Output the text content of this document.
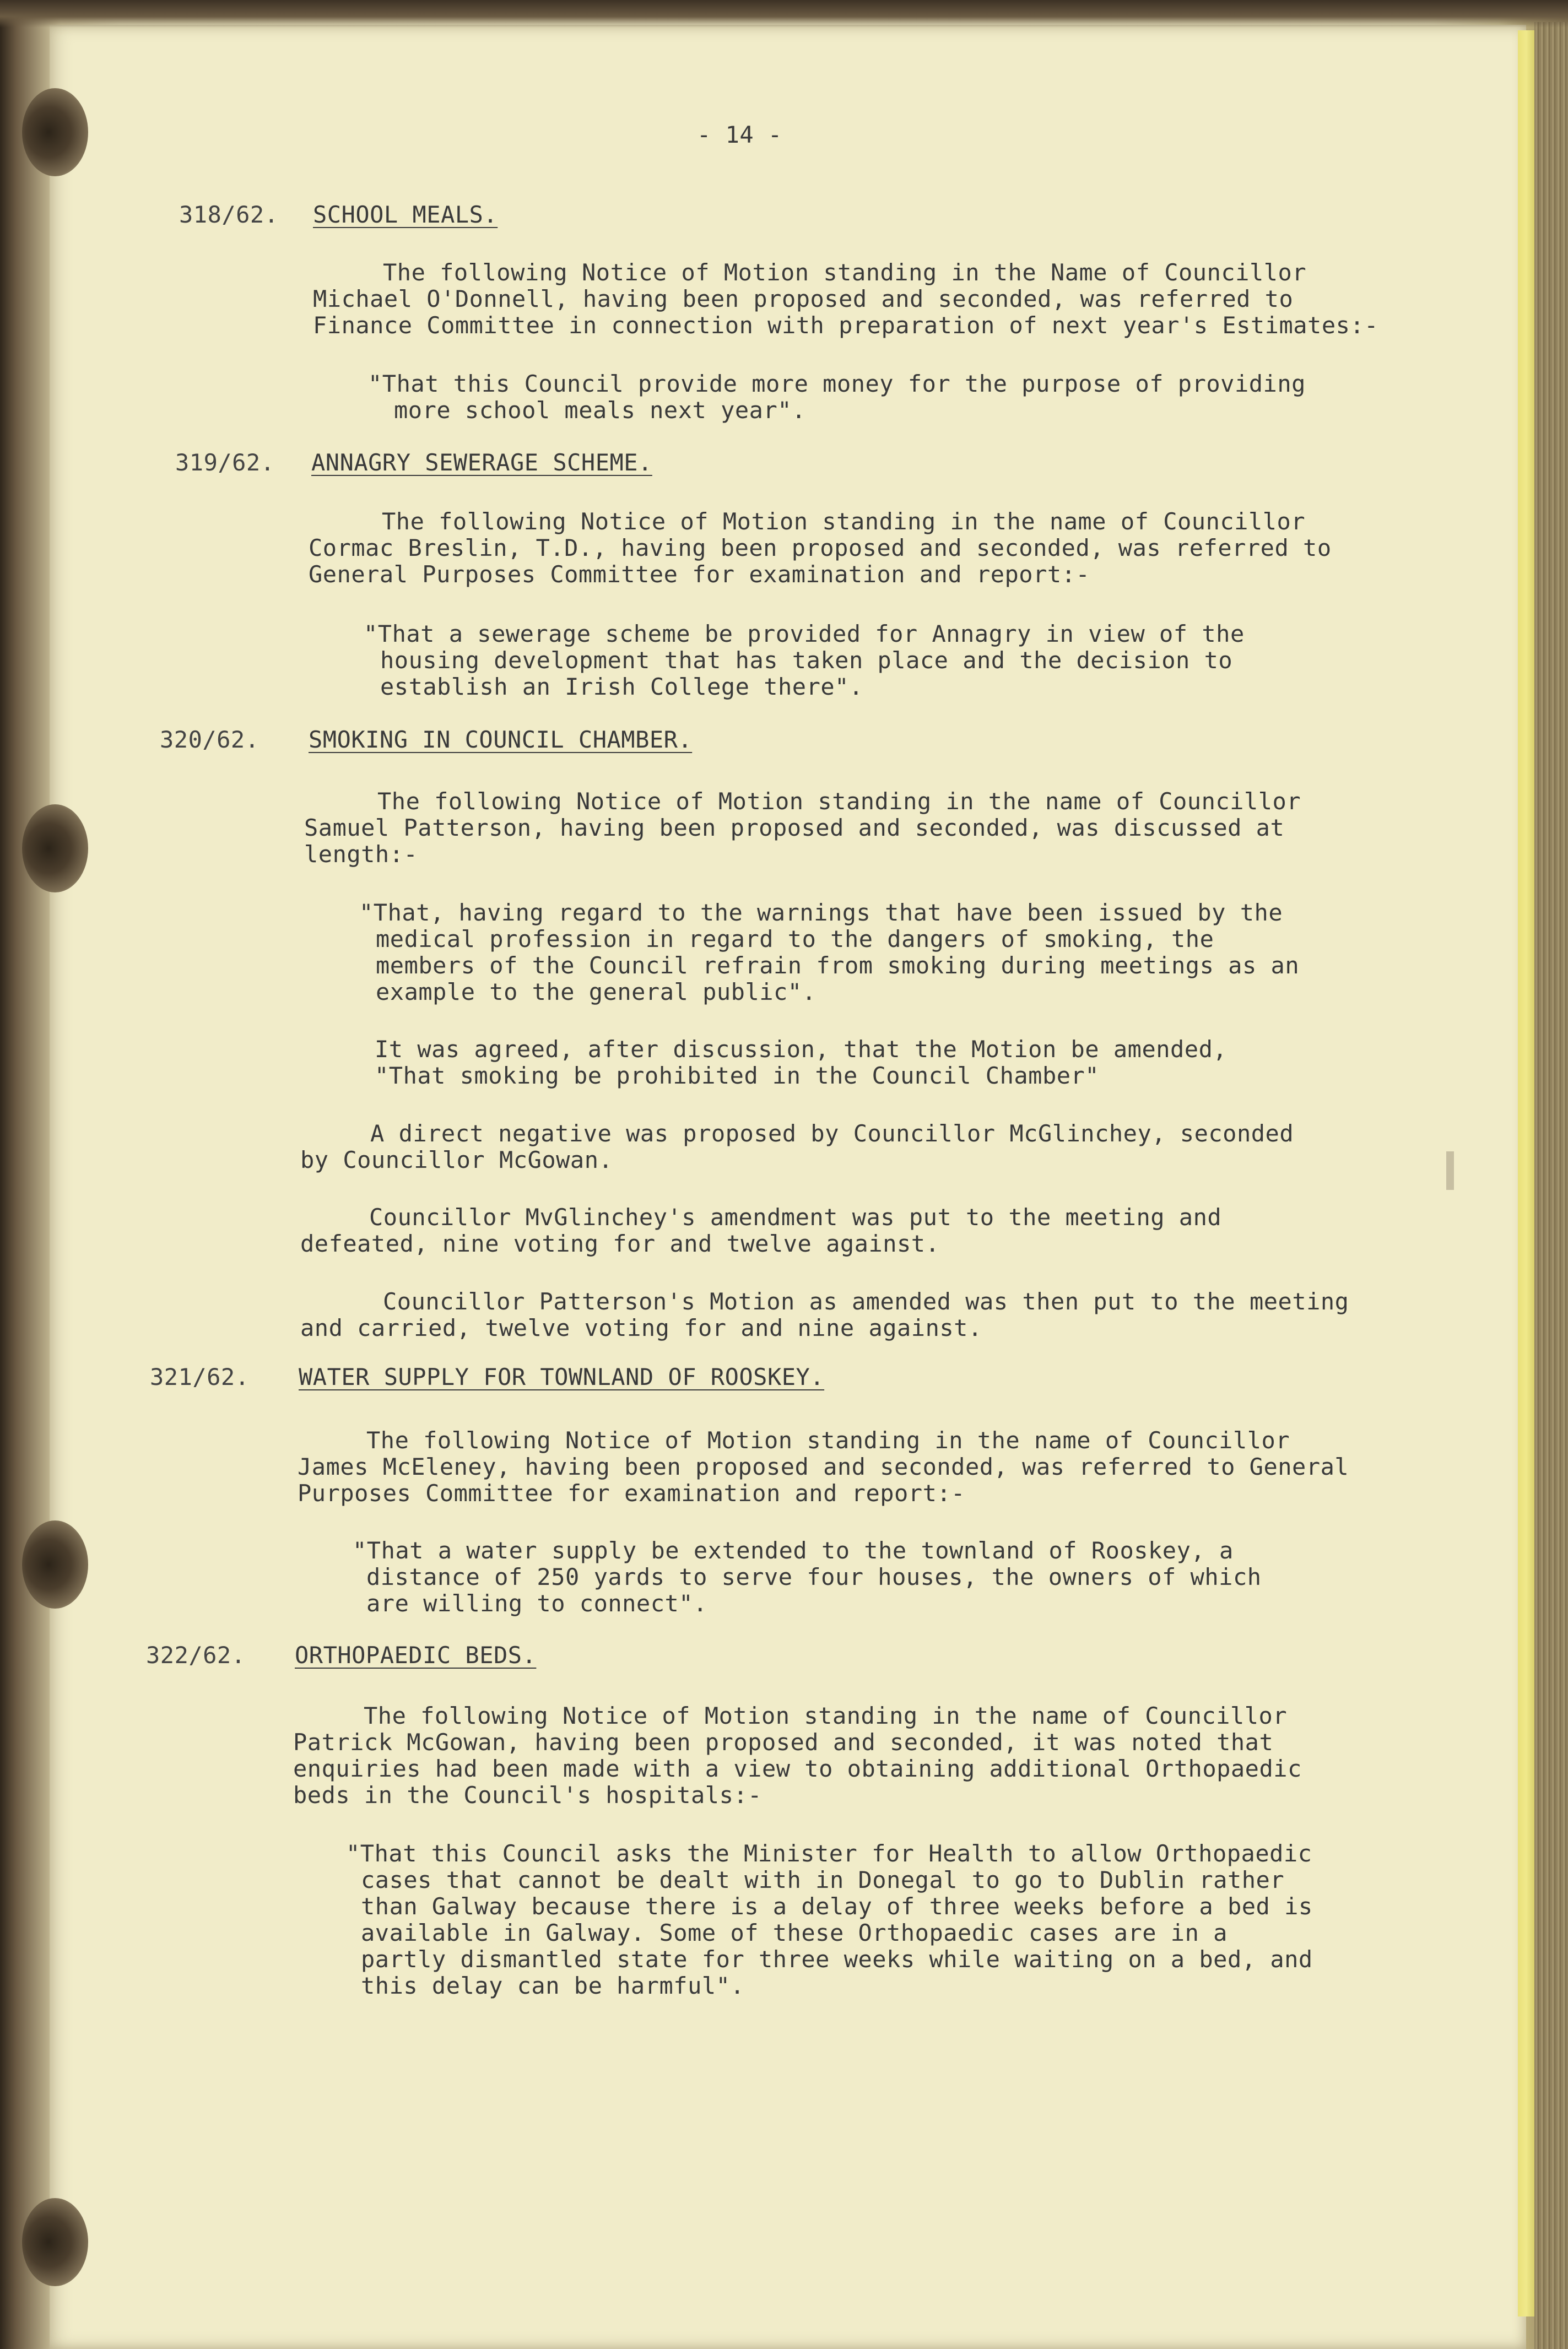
- 14 -

318/62. SCHOOL MEALS.

The following Notice of Motion standing in the Name of Councillor

Michael O'Donnell, having been proposed and seconded, was referred to

Finance Committee in connection with preparation of next year's Estimates:-

"That this Council provide more money for the purpose of providing

more school meals next year".

319/62. ANNAGRY SEWERAGE SCHEME.

The following Notice of Motion standing in the name of Councillor

Cormac Breslin, T.D., having been proposed and seconded, was referred to

General Purposes Committee for examination and report:-

"That a sewerage scheme be provided for Annagry in view of the

housing development that has taken place and the decision to

establish an Irish College there".

320/62. SMOKING IN COUNCIL CHAMBER.

The following Notice of Motion standing in the name of Councillor

Samuel Patterson, having been proposed and seconded, was discussed at

length:-

"That, having regard to the warnings that have been issued by the

medical profession in regard to the dangers of smoking, the

members of the Council refrain from smoking during meetings as an

example to the general public".

It was agreed, after discussion, that the Motion be amended,

"That smoking be prohibited in the Council Chamber"

A direct negative was proposed by Councillor McGlinchey, seconded

by Councillor McGowan.

Councillor MvGlinchey's amendment was put to the meeting and

defeated, nine voting for and twelve against.

Councillor Patterson's Motion as amended was then put to the meeting

and carried, twelve voting for and nine against.

321/62. WATER SUPPLY FOR TOWNLAND OF ROOSKEY.

The following Notice of Motion standing in the name of Councillor

James McEleney, having been proposed and seconded, was referred to General

Purposes Committee for examination and report:-

"That a water supply be extended to the townland of Rooskey, a

distance of 250 yards to serve four houses, the owners of which

are willing to connect".

322/62. ORTHOPAEDIC BEDS.

The following Notice of Motion standing in the name of Councillor

Patrick McGowan, having been proposed and seconded, it was noted that

enquiries had been made with a view to obtaining additional Orthopaedic

beds in the Council's hospitals:-

"That this Council asks the Minister for Health to allow Orthopaedic

cases that cannot be dealt with in Donegal to go to Dublin rather

than Galway because there is a delay of three weeks before a bed is

available in Galway. Some of these Orthopaedic cases are in a

partly dismantled state for three weeks while waiting on a bed, and

this delay can be harmful".
